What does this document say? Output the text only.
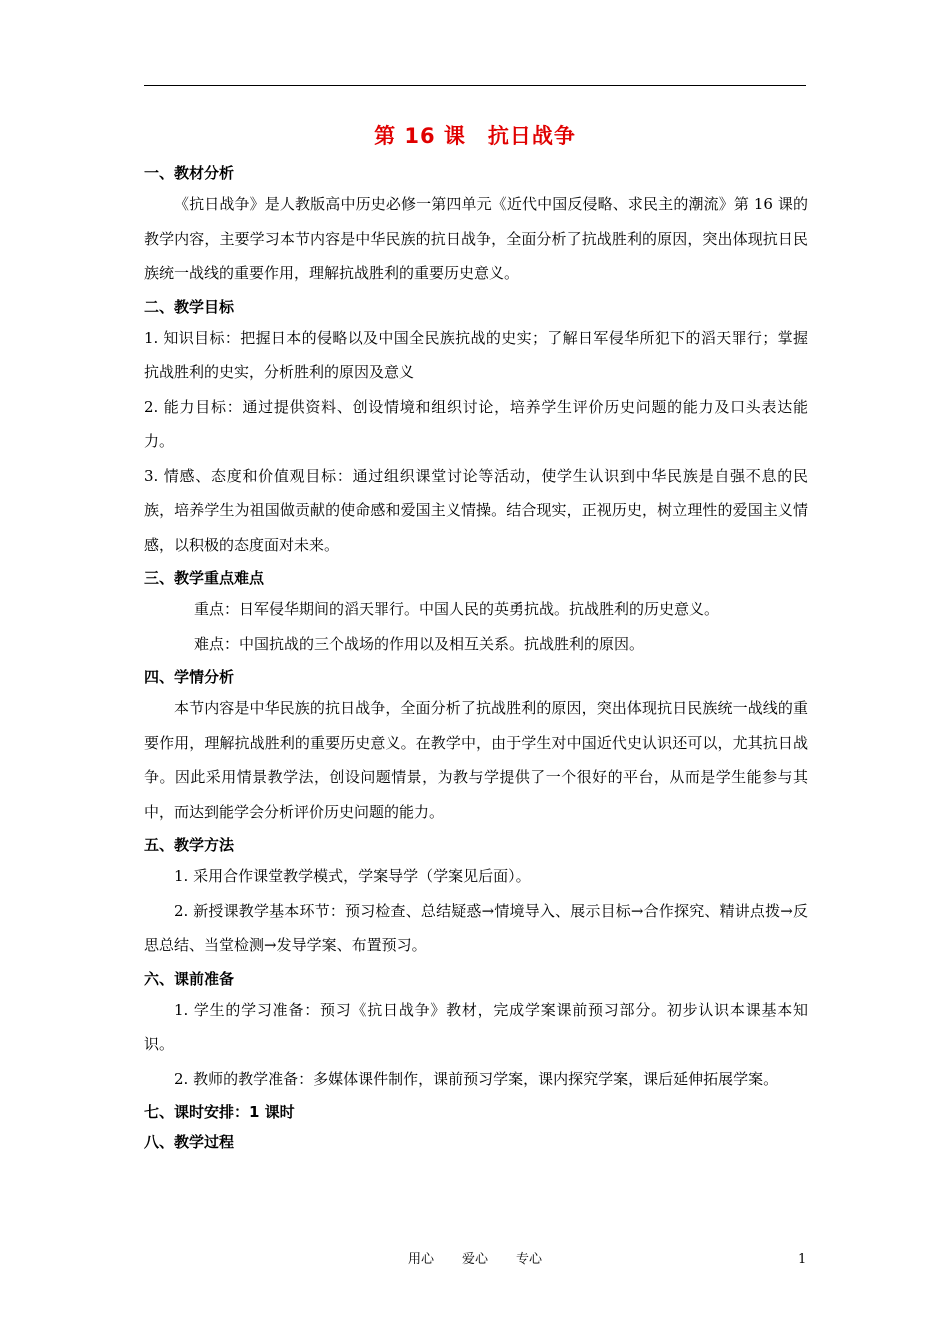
第 16 课　抗日战争
一、教材分析

《抗日战争》是人教版高中历史必修一第四单元《近代中国反侵略、求民主的潮流》第 16 课的教学内容，主要学习本节内容是中华民族的抗日战争，全面分析了抗战胜利的原因，突出体现抗日民族统一战线的重要作用，理解抗战胜利的重要历史意义。

二、教学目标

1. 知识目标：把握日本的侵略以及中国全民族抗战的史实；了解日军侵华所犯下的滔天罪行；掌握抗战胜利的史实，分析胜利的原因及意义

2. 能力目标：通过提供资料、创设情境和组织讨论，培养学生评价历史问题的能力及口头表达能力。

3. 情感、态度和价值观目标：通过组织课堂讨论等活动，使学生认识到中华民族是自强不息的民族，培养学生为祖国做贡献的使命感和爱国主义情操。结合现实，正视历史，树立理性的爱国主义情感，以积极的态度面对未来。

三、教学重点难点

重点：日军侵华期间的滔天罪行。中国人民的英勇抗战。抗战胜利的历史意义。

难点：中国抗战的三个战场的作用以及相互关系。抗战胜利的原因。

四、学情分析

本节内容是中华民族的抗日战争，全面分析了抗战胜利的原因，突出体现抗日民族统一战线的重要作用，理解抗战胜利的重要历史意义。在教学中，由于学生对中国近代史认识还可以，尤其抗日战争。因此采用情景教学法，创设问题情景，为教与学提供了一个很好的平台，从而是学生能参与其中，而达到能学会分析评价历史问题的能力。

五、教学方法

1. 采用合作课堂教学模式，学案导学（学案见后面）。

2. 新授课教学基本环节：预习检查、总结疑惑→情境导入、展示目标→合作探究、精讲点拨→反思总结、当堂检测→发导学案、布置预习。

六、课前准备

1. 学生的学习准备：预习《抗日战争》教材，完成学案课前预习部分。初步认识本课基本知识。

2. 教师的教学准备：多媒体课件制作，课前预习学案，课内探究学案，课后延伸拓展学案。

七、课时安排：1 课时
八、教学过程
用心 爱心 专心	1
